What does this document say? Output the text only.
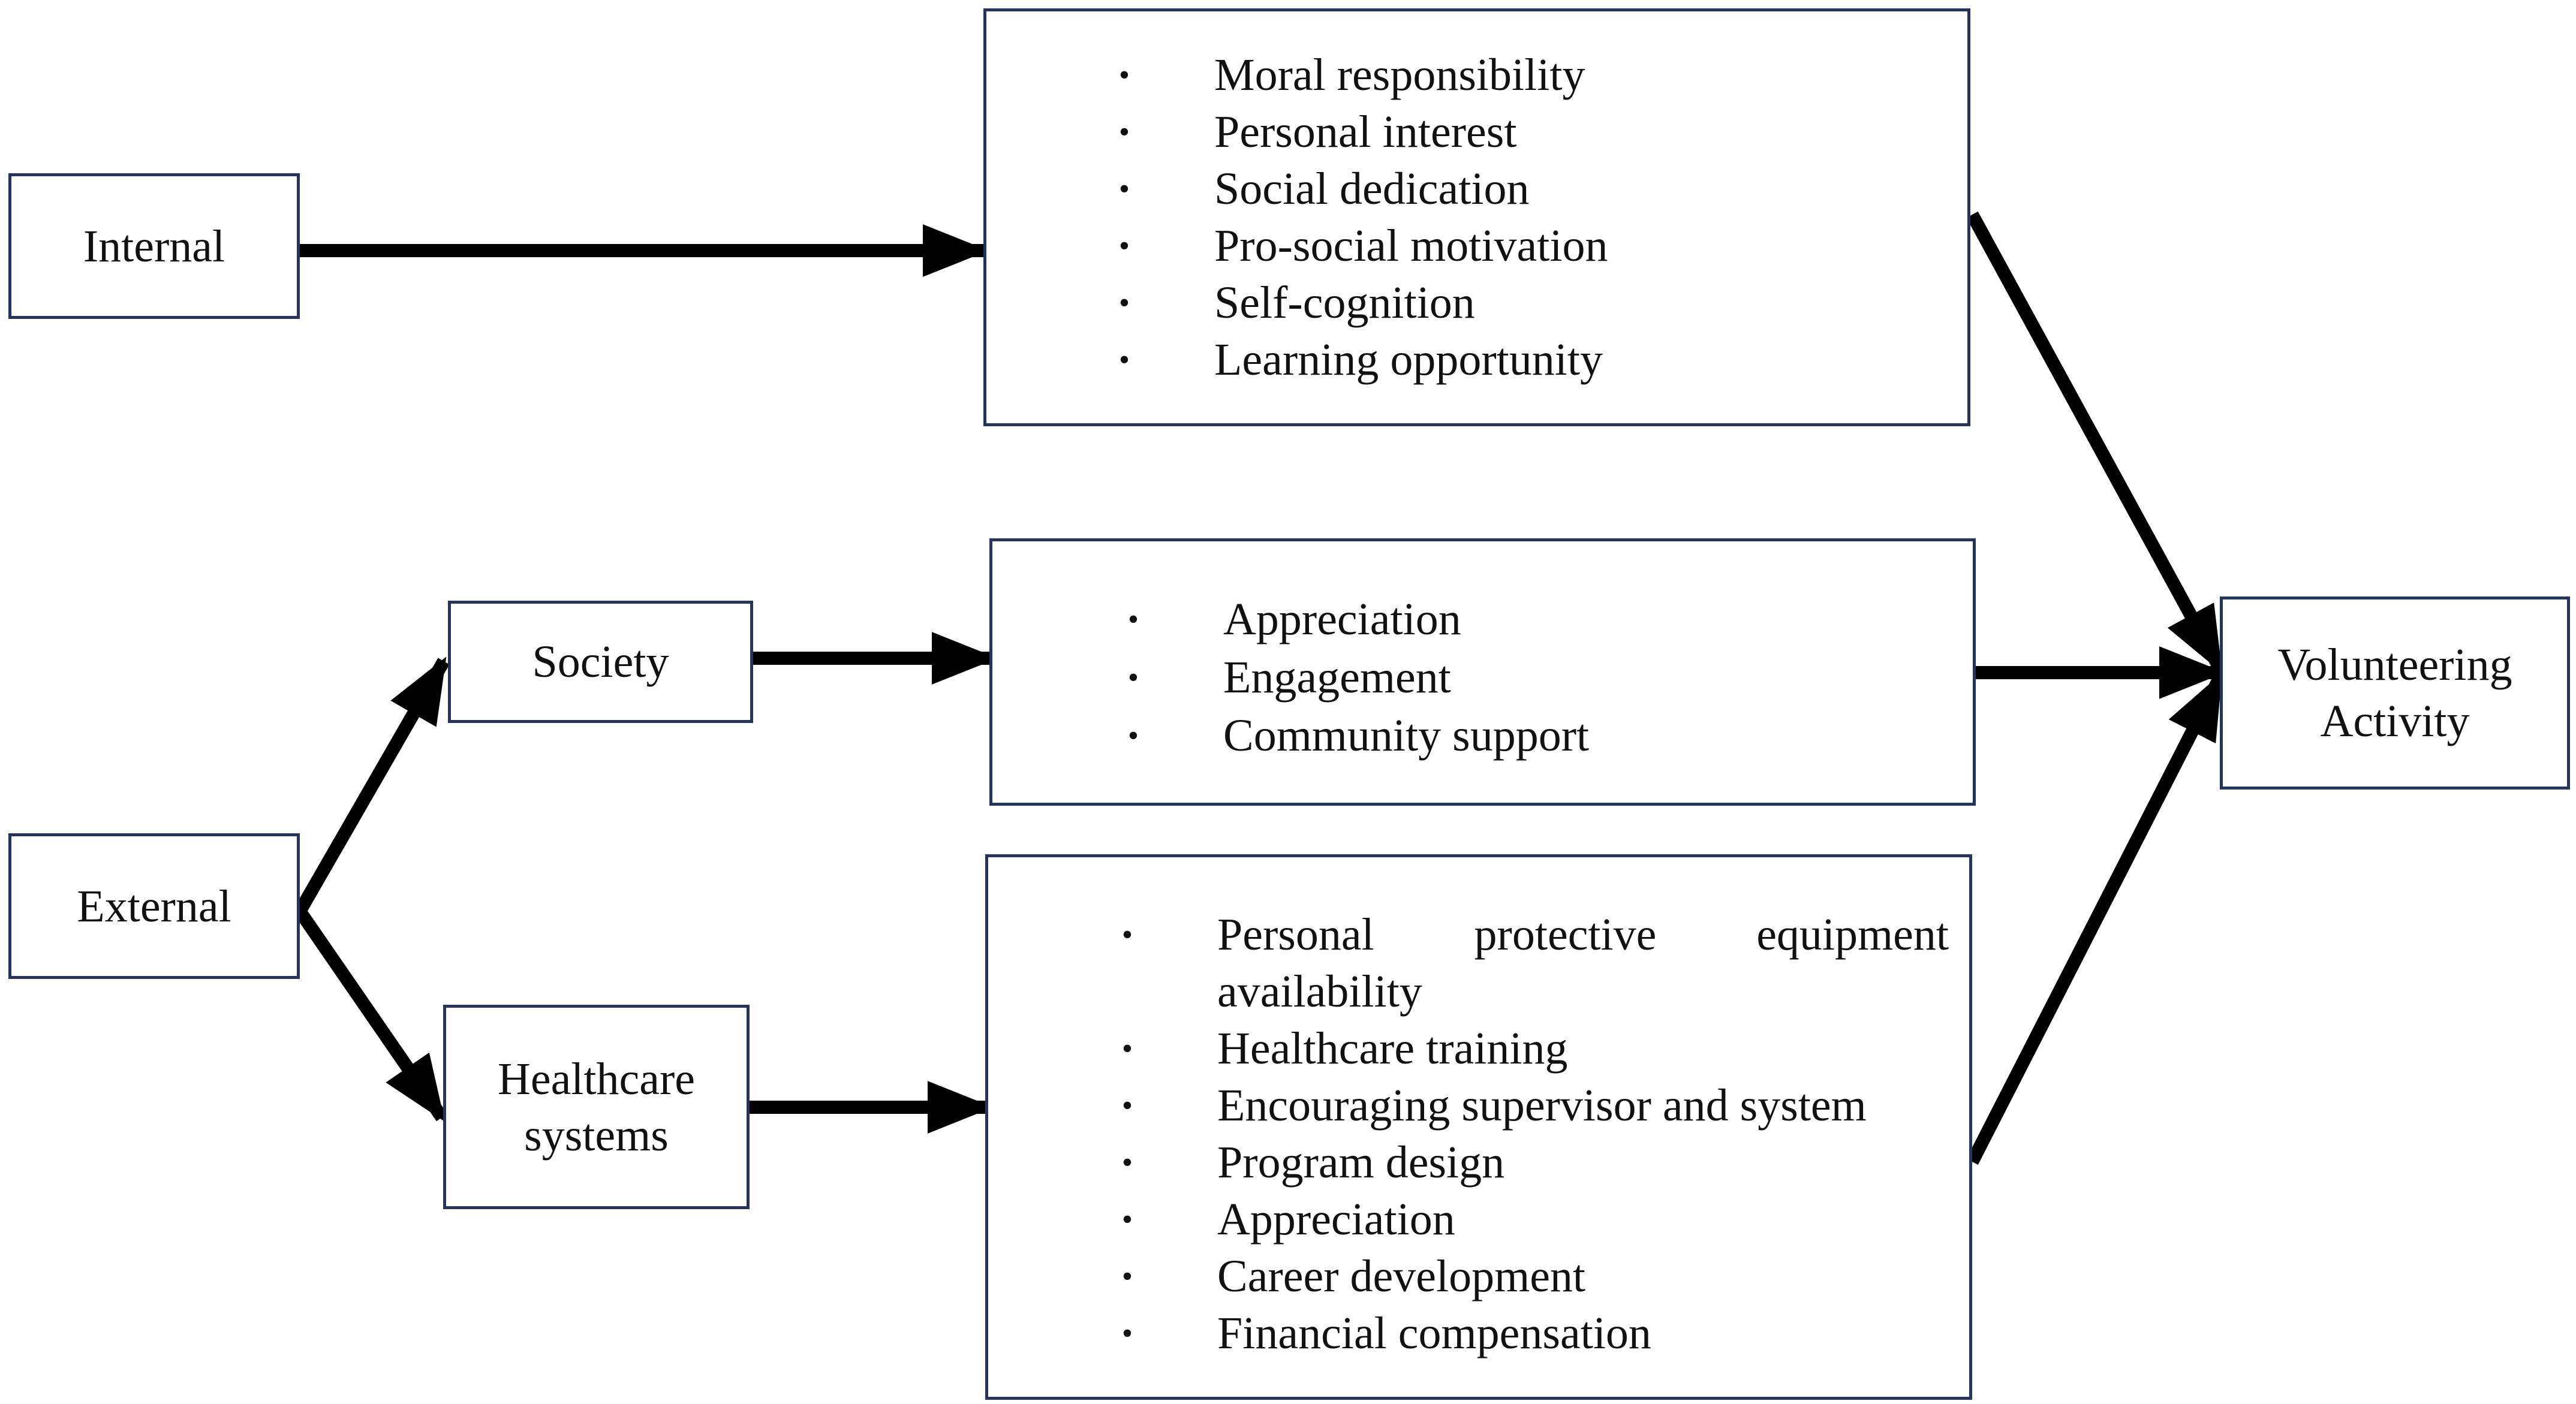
Internal
External
Society
Healthcare
systems
Volunteering
Activity
• Moral responsibility
• Personal interest
• Social dedication
• Pro-social motivation
• Self-cognition
• Learning opportunity
• Appreciation
• Engagement
• Community support
• Personal protective equipment
availability
• Healthcare training
• Encouraging supervisor and system
• Program design
• Appreciation
• Career development
• Financial compensation
